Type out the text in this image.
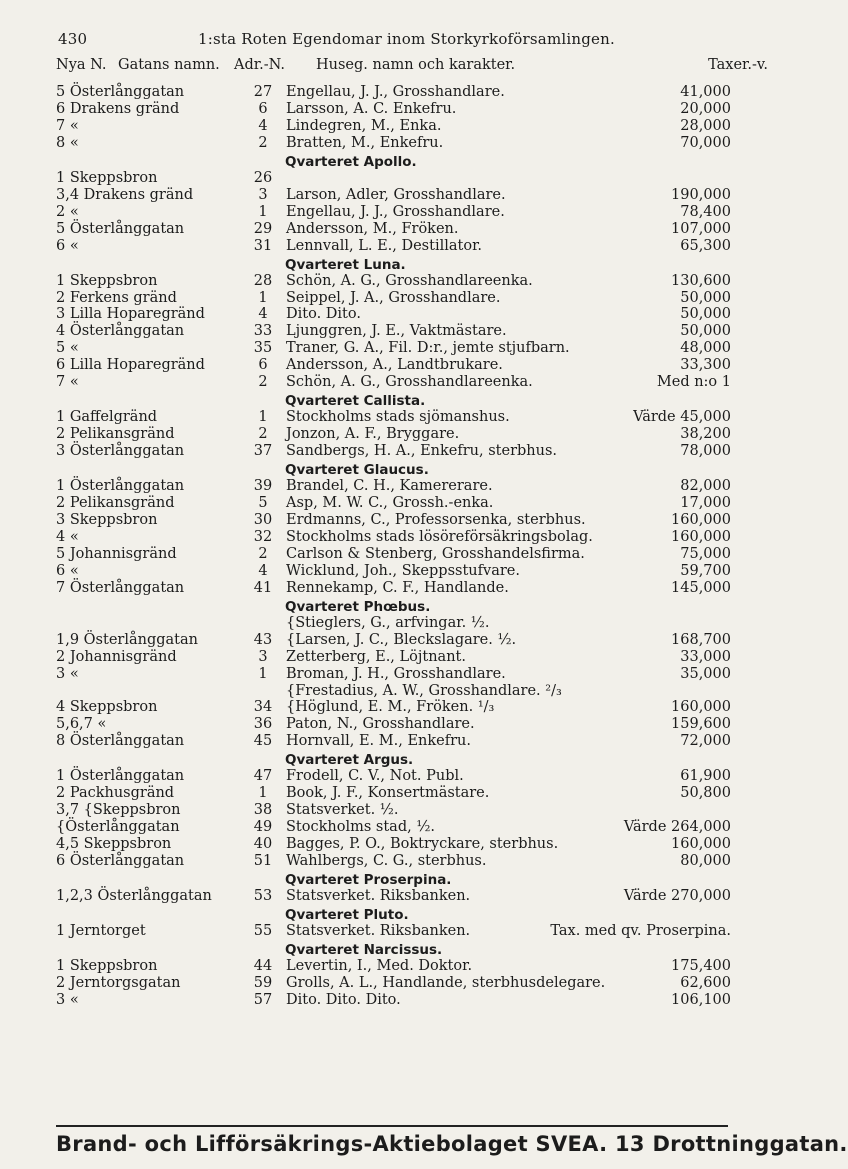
430	1:sta Roten Egendomar inom Storkyrkoförsamlingen.
Nya N. Gatans namn. Adr.-N. Huseg. namn och karakter.	Taxer.-v.
5 Österlånggatan	27 Engellau, J. J., Grosshandlare.	41,000
6 Drakens gränd	6	Larsson, A. C. Enkefru.	20,000
7 «	4	Lindegren, M., Enka.	28,000
8 «	2	Bratten, M., Enkefru.	70,000
Qvarteret Apollo.
1 Skeppsbron	26
3,4 Drakens gränd	3	Larson, Adler, Grosshandlare.	190,000
2 «	1	Engellau, J. J., Grosshandlare.	78,400
5 Österlånggatan	29 Andersson, M., Fröken.	107,000
6 «	31 Lennvall, L. E., Destillator.	65,300
Qvarteret Luna.
1 Skeppsbron	28 Schön, A. G., Grosshandlareenka.	130,600
2 Ferkens gränd	1	Seippel, J. A., Grosshandlare.	50,000
3 Lilla Hoparegränd	4	Dito. Dito.	50,000
4 Österlånggatan	33 Ljunggren, J. E., Vaktmästare.	50,000
5 «	35 Traner, G. A., Fil. D:r., jemte stjufbarn.	48,000
6 Lilla Hoparegränd	6	Andersson, A., Landtbrukare.	33,300
7 «	2	Schön, A. G., Grosshandlareenka.	Med n:o 1
Qvarteret Callista.
1 Gaffelgränd	1	Stockholms stads sjömanshus.	Värde 45,000
2 Pelikansgränd	2	Jonzon, A. F., Bryggare.	38,200
3 Österlånggatan	37 Sandbergs, H. A., Enkefru, sterbhus.	78,000
Qvarteret Glaucus.
1 Österlånggatan	39 Brandel, C. H., Kamererare.	82,000
2 Pelikansgränd	5	Asp, M. W. C., Grossh.-enka.	17,000
3 Skeppsbron	30 Erdmanns, C., Professorsenka, sterbhus.	160,000
4 «	32 Stockholms stads lösöreförsäkringsbolag.	160,000
5 Johannisgränd	2	Carlson & Stenberg, Grosshandelsfirma.	75,000
6 «	4	Wicklund, Joh., Skeppsstufvare.	59,700
7 Österlånggatan	41 Rennekamp, C. F., Handlande.	145,000
Qvarteret Phœbus.
{Stieglers, G., arfvingar. ½.
1,9 Österlånggatan	43 {Larsen, J. C., Bleckslagare. ½.	168,700
2 Johannisgränd	3	Zetterberg, E., Löjtnant.	33,000
3 «	1	Broman, J. H., Grosshandlare.	35,000
{Frestadius, A. W., Grosshandlare. ²/₃
4 Skeppsbron	34 {Höglund, E. M., Fröken. ¹/₃	160,000
5,6,7 «	36 Paton, N., Grosshandlare.	159,600
8 Österlånggatan	45 Hornvall, E. M., Enkefru.	72,000
Qvarteret Argus.
1 Österlånggatan	47 Frodell, C. V., Not. Publ.	61,900
2 Packhusgränd	1	Book, J. F., Konsertmästare.	50,800
3,7 {Skeppsbron	38 Statsverket. ½.
{Österlånggatan	49 Stockholms stad, ½.	Värde 264,000
4,5 Skeppsbron	40 Bagges, P. O., Boktryckare, sterbhus.	160,000
6 Österlånggatan	51 Wahlbergs, C. G., sterbhus.	80,000
Qvarteret Proserpina.
1,2,3 Österlånggatan	53 Statsverket. Riksbanken.	Värde 270,000
Qvarteret Pluto.
1 Jerntorget	55 Statsverket. Riksbanken.	Tax. med qv. Proserpina.
Qvarteret Narcissus.
1 Skeppsbron	44 Levertin, I., Med. Doktor.	175,400
2 Jerntorgsgatan	59 Grolls, A. L., Handlande, sterbhusdelegare.	62,600
3 «	57 Dito. Dito. Dito.	106,100
Brand- och Lifförsäkrings-Aktiebolaget SVEA. 13 Drottninggatan.
